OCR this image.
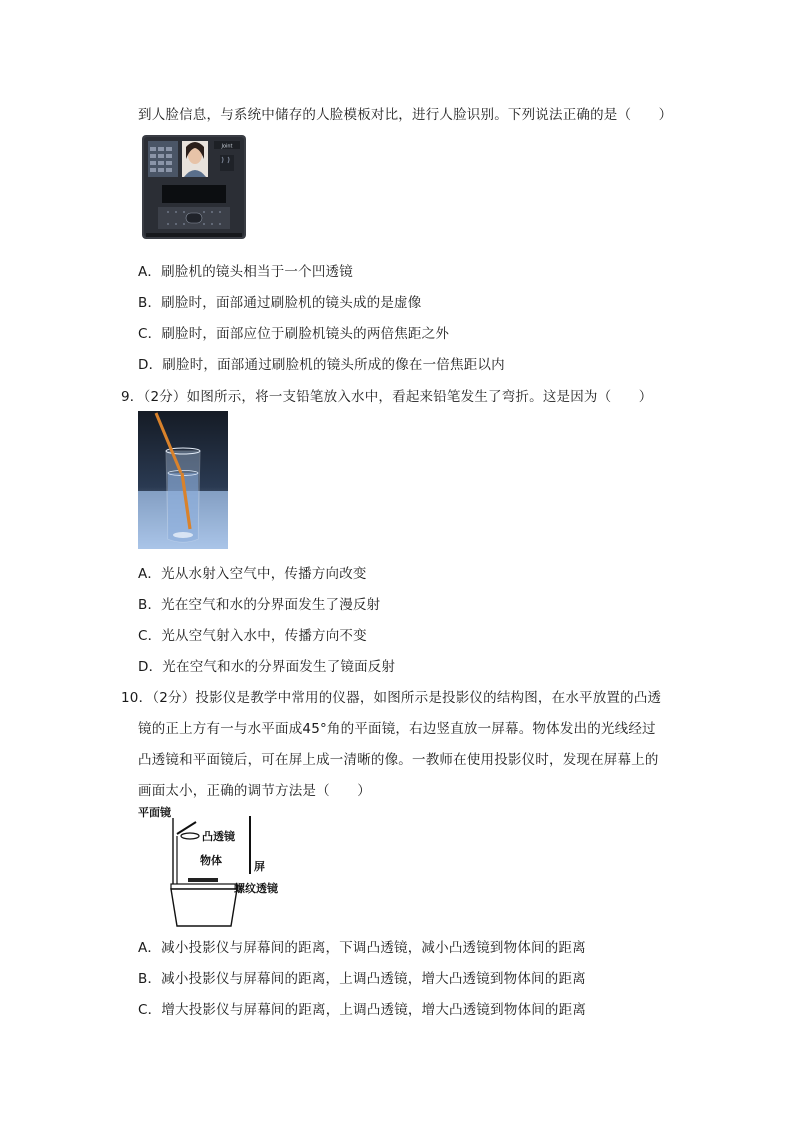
到人脸信息，与系统中储存的人脸模板对比，进行人脸识别。下列说法正确的是（　　）
Joint
A．刷脸机的镜头相当于一个凹透镜
B．刷脸时，面部通过刷脸机的镜头成的是虚像
C．刷脸时，面部应位于刷脸机镜头的两倍焦距之外
D．刷脸时，面部通过刷脸机的镜头所成的像在一倍焦距以内
9．（2分）如图所示，将一支铅笔放入水中，看起来铅笔发生了弯折。这是因为（　　）
A．光从水射入空气中，传播方向改变
B．光在空气和水的分界面发生了漫反射
C．光从空气射入水中，传播方向不变
D．光在空气和水的分界面发生了镜面反射
10．（2分）投影仪是教学中常用的仪器，如图所示是投影仪的结构图，在水平放置的凸透
镜的正上方有一与水平面成45°角的平面镜，右边竖直放一屏幕。物体发出的光线经过
凸透镜和平面镜后，可在屏上成一清晰的像。一教师在使用投影仪时，发现在屏幕上的
画面太小，正确的调节方法是（　　）
平面镜
凸透镜
物体	屏
螺纹透镜
A．减小投影仪与屏幕间的距离，下调凸透镜，减小凸透镜到物体间的距离
B．减小投影仪与屏幕间的距离，上调凸透镜，增大凸透镜到物体间的距离
C．增大投影仪与屏幕间的距离，上调凸透镜，增大凸透镜到物体间的距离
